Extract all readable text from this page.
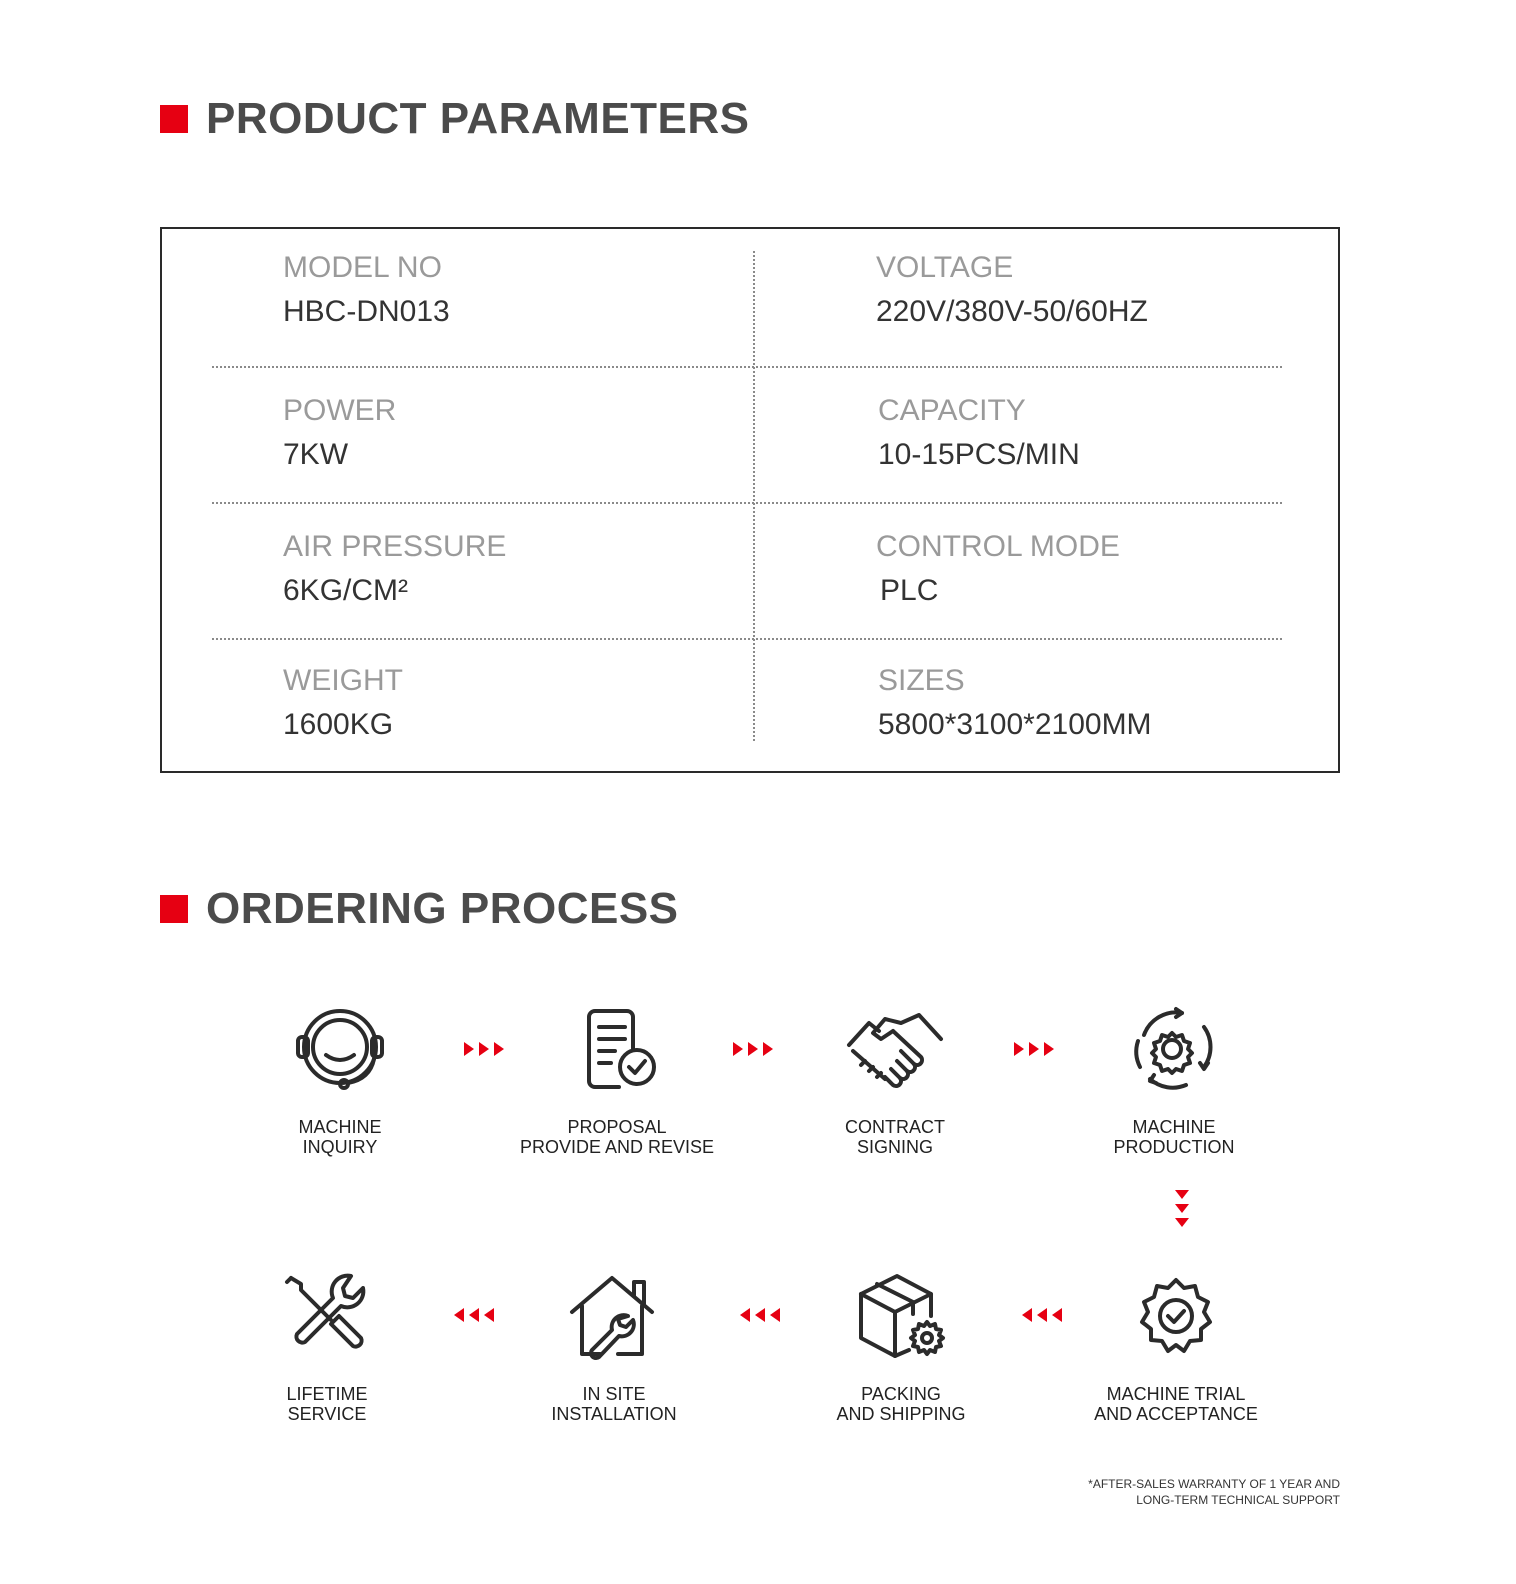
PRODUCT PARAMETERS
MODEL NO
HBC-DN013
VOLTAGE
220V/380V-50/60HZ
POWER
7KW
CAPACITY
10-15PCS/MIN
AIR PRESSURE
6KG/CM²
CONTROL MODE
PLC
WEIGHT
1600KG
SIZES
5800*3100*2100MM
ORDERING PROCESS
MACHINE
INQUIRY
PROPOSAL
PROVIDE AND REVISE
CONTRACT
SIGNING
MACHINE
PRODUCTION
LIFETIME
SERVICE
IN SITE
INSTALLATION
PACKING
AND SHIPPING
MACHINE TRIAL
AND ACCEPTANCE
*AFTER-SALES WARRANTY OF 1 YEAR AND
LONG-TERM TECHNICAL SUPPORT
